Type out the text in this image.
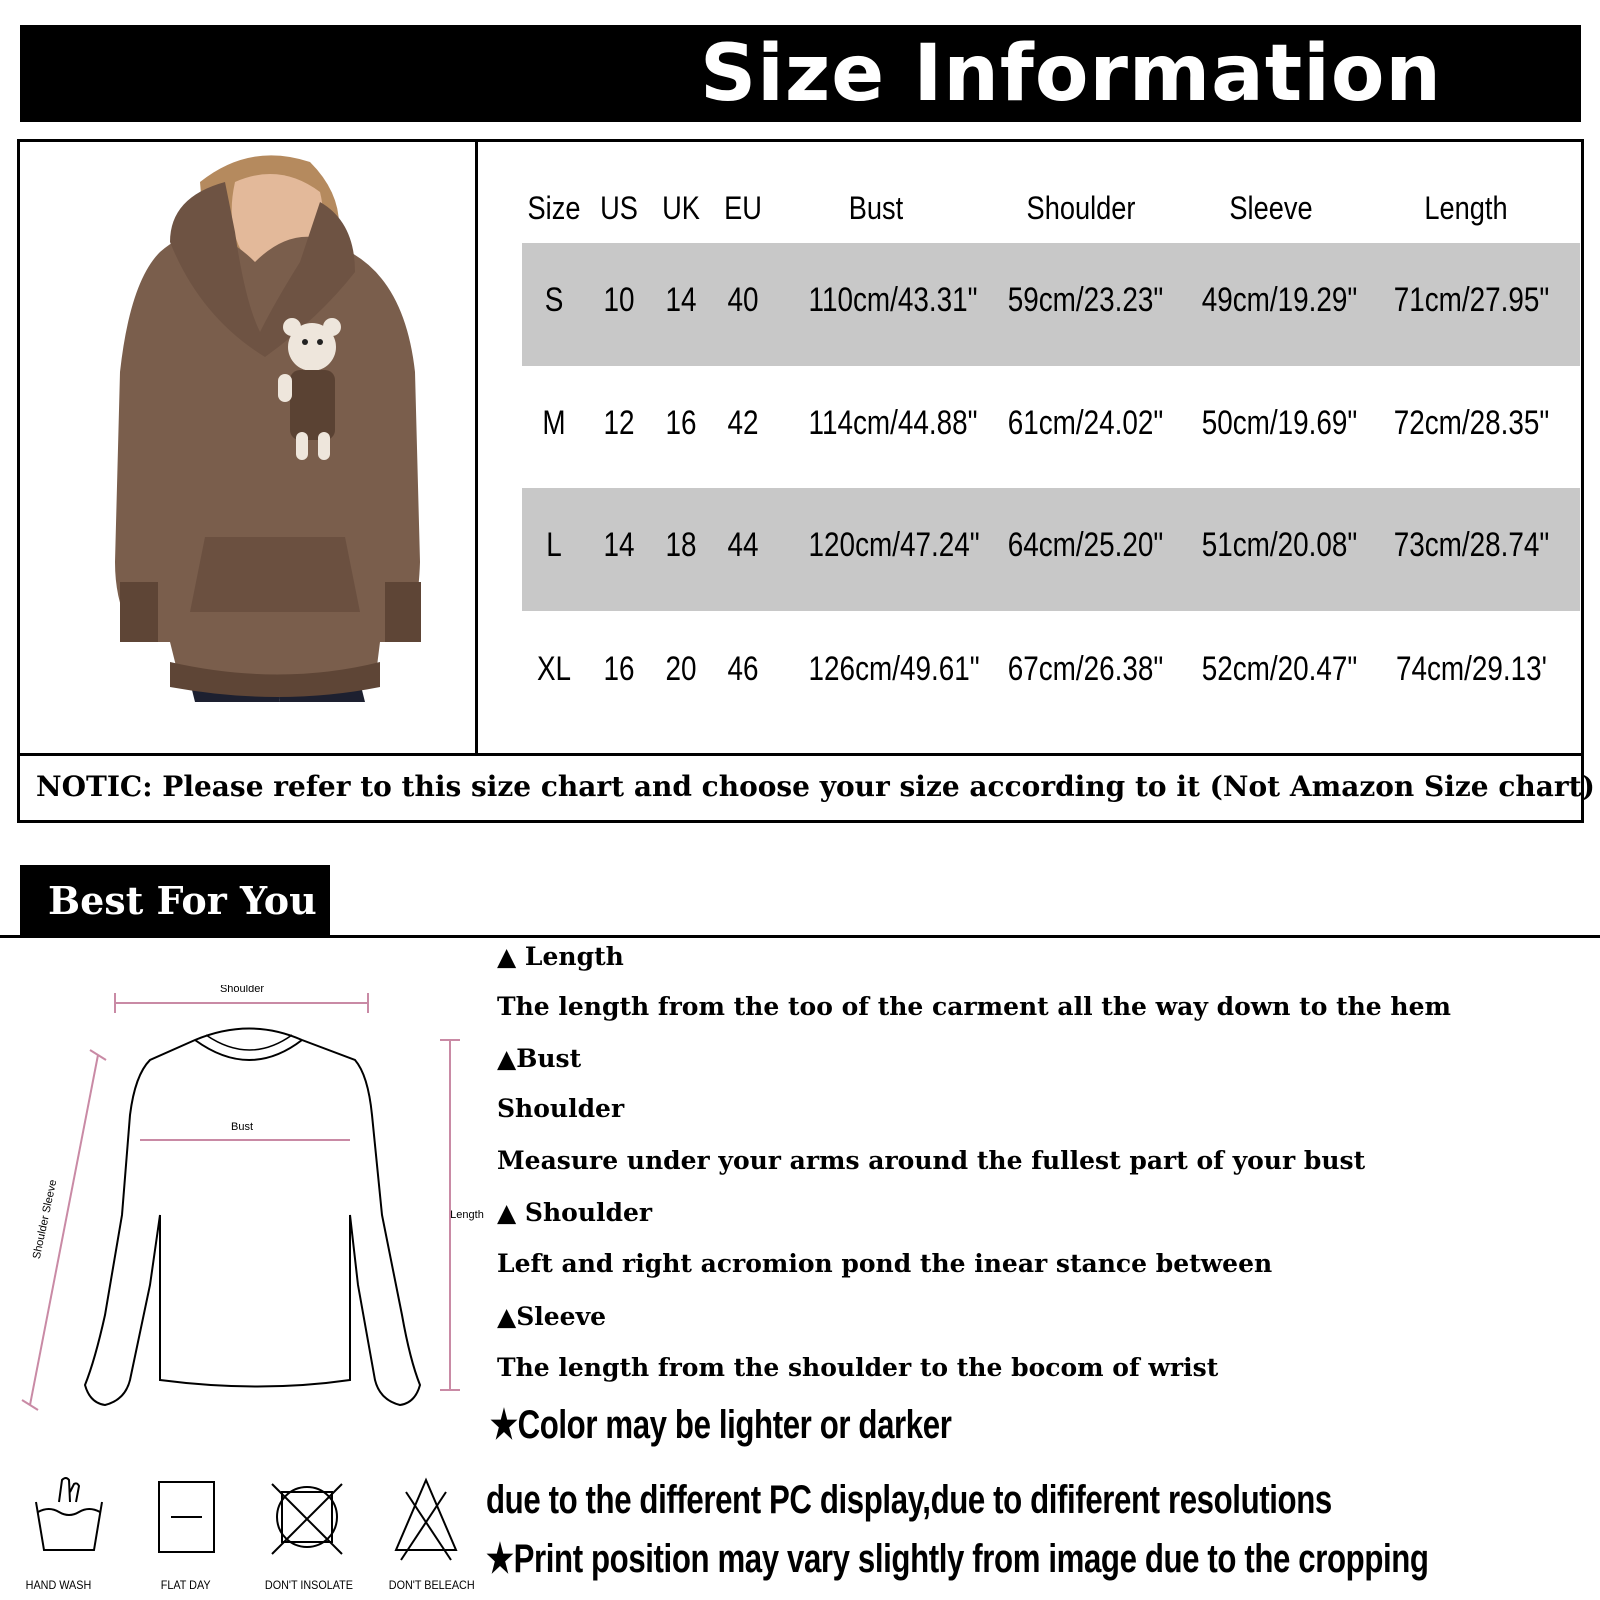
Size Information
Size US UK EU	Bust	Shoulder	Sleeve	Length
S	10 14 40 110cm/43.31" 59cm/23.23" 49cm/19.29" 71cm/27.95"
M	12 16 42 114cm/44.88" 61cm/24.02" 50cm/19.69" 72cm/28.35"
L	14 18 44 120cm/47.24" 64cm/25.20" 51cm/20.08" 73cm/28.74"
XL 16 20 46 126cm/49.61" 67cm/26.38" 52cm/20.47" 74cm/29.13'
NOTIC: Please refer to this size chart and choose your size according to it (Not Amazon Size chart)
Best For You
Shoulder
Bust
Shoulder Sleeve	Length
▲ Length
The length from the too of the carment all the way down to the hem
▲Bust
Shoulder
Measure under your arms around the fullest part of your bust
▲ Shoulder
Left and right acromion pond the inear stance between
▲Sleeve
The length from the shoulder to the bocom of wrist
★Color may be lighter or darker
due to the different PC display,due to dififerent resolutions
★Print position may vary slightly from image due to the cropping
HAND WASH	FLAT DAY	DON'T INSOLATE	DON'T BELEACH
